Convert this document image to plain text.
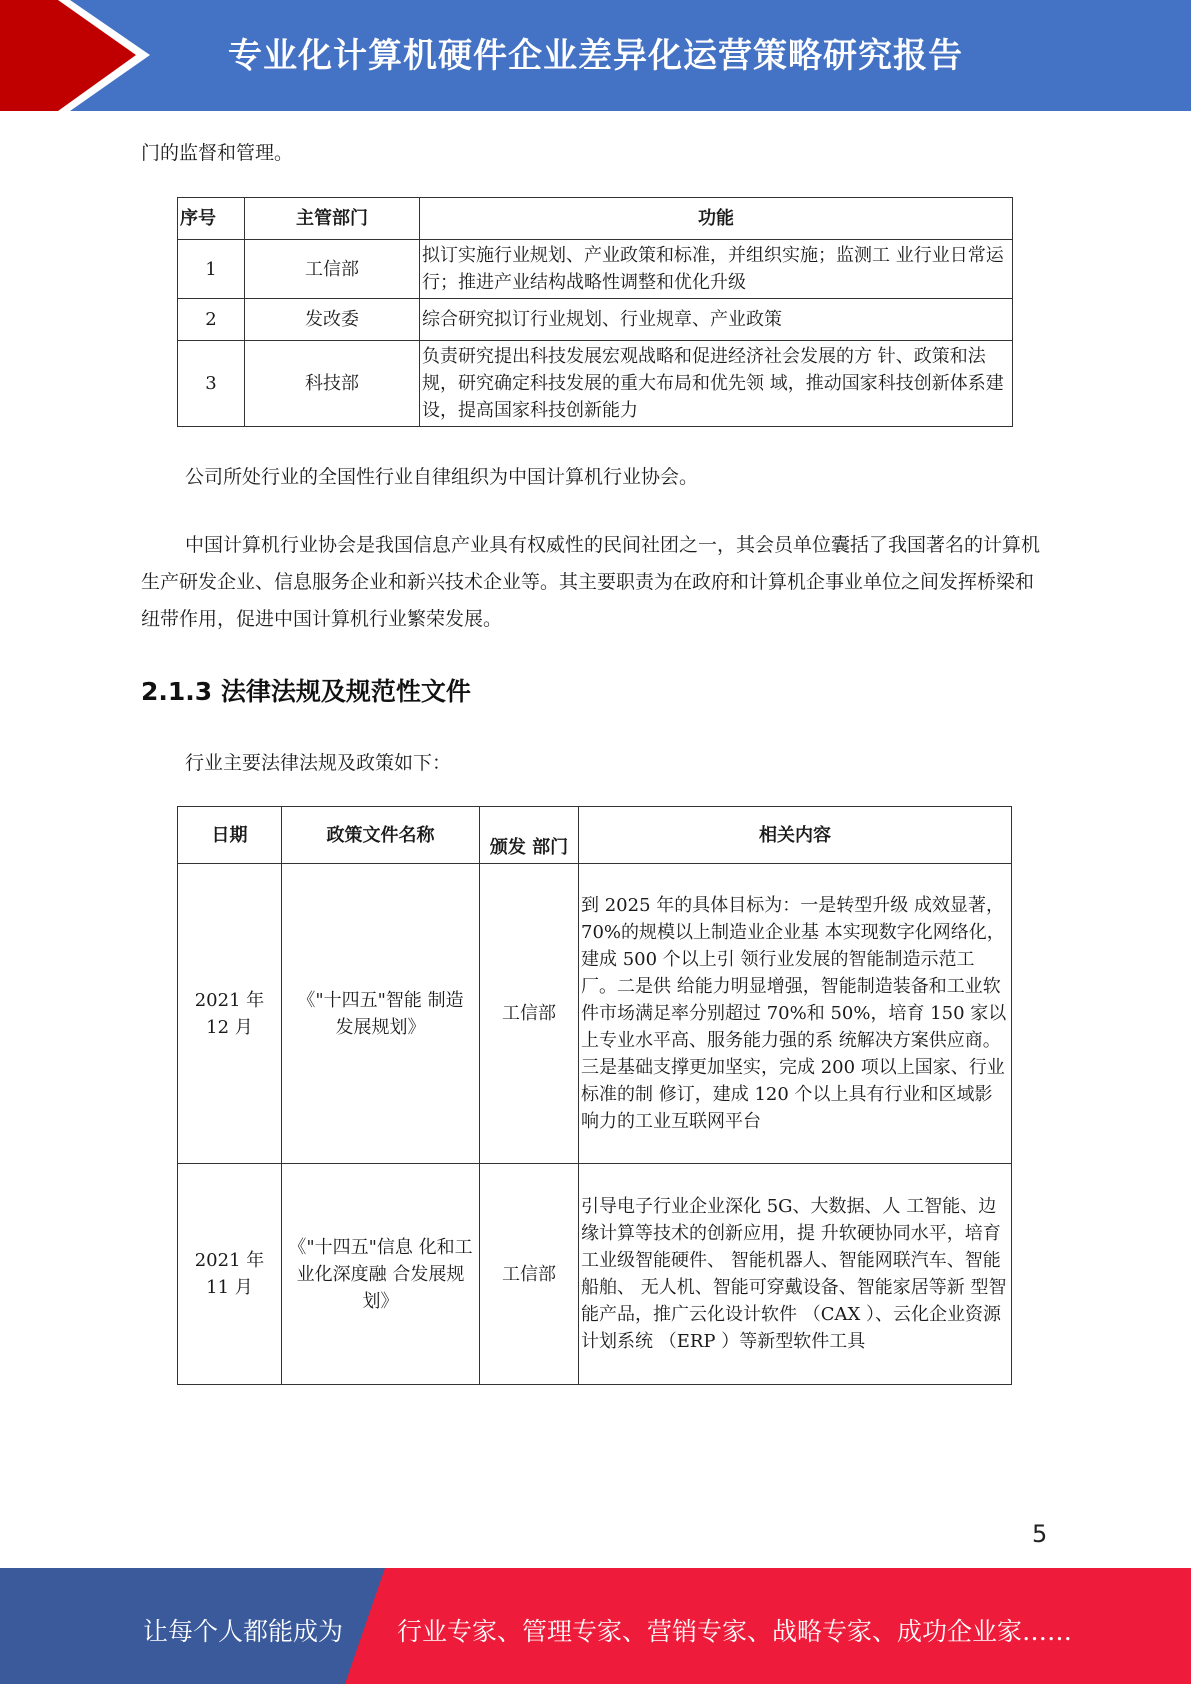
专业化计算机硬件企业差异化运营策略研究报告
门的监督和管理。
序号	主管部门	功能
1	工信部	拟订实施行业规划、产业政策和标准，并组织实施；监测工 业行业日常运行；推进产业结构战略性调整和优化升级
2	发改委	综合研究拟订行业规划、行业规章、产业政策
3	科技部	负责研究提出科技发展宏观战略和促进经济社会发展的方 针、政策和法规，研究确定科技发展的重大布局和优先领 域，推动国家科技创新体系建设，提高国家科技创新能力
公司所处行业的全国性行业自律组织为中国计算机行业协会。
中国计算机行业协会是我国信息产业具有权威性的民间社团之一，其会员单位囊括了我国著名的计算机生产研发企业、信息服务企业和新兴技术企业等。其主要职责为在政府和计算机企事业单位之间发挥桥梁和纽带作用，促进中国计算机行业繁荣发展。
2.1.3 法律法规及规范性文件
行业主要法律法规及政策如下：
日期	政策文件名称	颁发 部门	相关内容
2021 年 12 月	《"十四五"智能 制造发展规划》	工信部	到 2025 年的具体目标为：一是转型升级 成效显著，70%的规模以上制造业企业基 本实现数字化网络化，建成 500 个以上引 领行业发展的智能制造示范工厂。二是供 给能力明显增强，智能制造装备和工业软 件市场满足率分别超过 70%和 50%，培育 150 家以上专业水平高、服务能力强的系 统解决方案供应商。三是基础支撑更加坚实，完成 200 项以上国家、行业标准的制 修订，建成 120 个以上具有行业和区域影 响力的工业互联网平台
2021 年 11 月	《"十四五"信息 化和工业化深度融 合发展规划》	工信部	引导电子行业企业深化 5G、大数据、人 工智能、边缘计算等技术的创新应用，提 升软硬协同水平，培育工业级智能硬件、 智能机器人、智能网联汽车、智能船舶、 无人机、智能可穿戴设备、智能家居等新 型智能产品，推广云化设计软件 （CAX ）、云化企业资源计划系统 （ERP ）等新型软件工具
5
让每个人都能成为 行业专家、管理专家、营销专家、战略专家、成功企业家……
